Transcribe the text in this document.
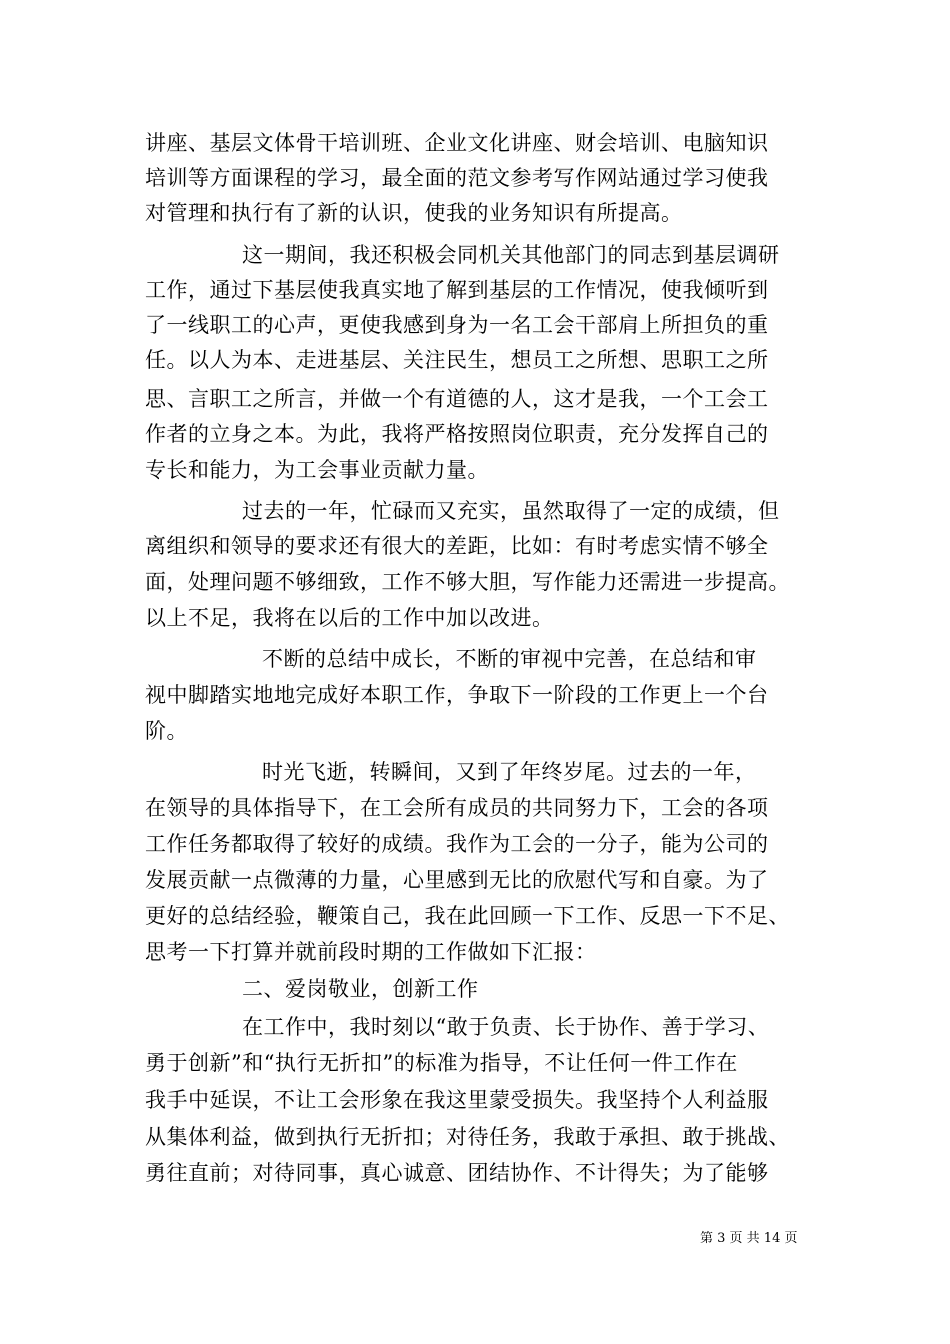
讲座、基层文体骨干培训班、企业文化讲座、财会培训、电脑知识
培训等方面课程的学习，最全面的范文参考写作网站通过学习使我
对管理和执行有了新的认识，使我的业务知识有所提高。
这一期间，我还积极会同机关其他部门的同志到基层调研
工作，通过下基层使我真实地了解到基层的工作情况，使我倾听到
了一线职工的心声，更使我感到身为一名工会干部肩上所担负的重
任。以人为本、走进基层、关注民生，想员工之所想、思职工之所
思、言职工之所言，并做一个有道德的人，这才是我，一个工会工
作者的立身之本。为此，我将严格按照岗位职责，充分发挥自己的
专长和能力，为工会事业贡献力量。
过去的一年，忙碌而又充实，虽然取得了一定的成绩，但
离组织和领导的要求还有很大的差距，比如：有时考虑实情不够全
面，处理问题不够细致，工作不够大胆，写作能力还需进一步提高。
以上不足，我将在以后的工作中加以改进。
不断的总结中成长，不断的审视中完善，在总结和审
视中脚踏实地地完成好本职工作，争取下一阶段的工作更上一个台
阶。
时光飞逝，转瞬间，又到了年终岁尾。过去的一年，
在领导的具体指导下，在工会所有成员的共同努力下，工会的各项
工作任务都取得了较好的成绩。我作为工会的一分子，能为公司的
发展贡献一点微薄的力量，心里感到无比的欣慰代写和自豪。为了
更好的总结经验，鞭策自己，我在此回顾一下工作、反思一下不足、
思考一下打算并就前段时期的工作做如下汇报：
二、爱岗敬业，创新工作
在工作中，我时刻以“敢于负责、长于协作、善于学习、
勇于创新”和“执行无折扣”的标准为指导，不让任何一件工作在
我手中延误，不让工会形象在我这里蒙受损失。我坚持个人利益服
从集体利益，做到执行无折扣；对待任务，我敢于承担、敢于挑战、
勇往直前；对待同事，真心诚意、团结协作、不计得失；为了能够
第 3 页 共 14 页
